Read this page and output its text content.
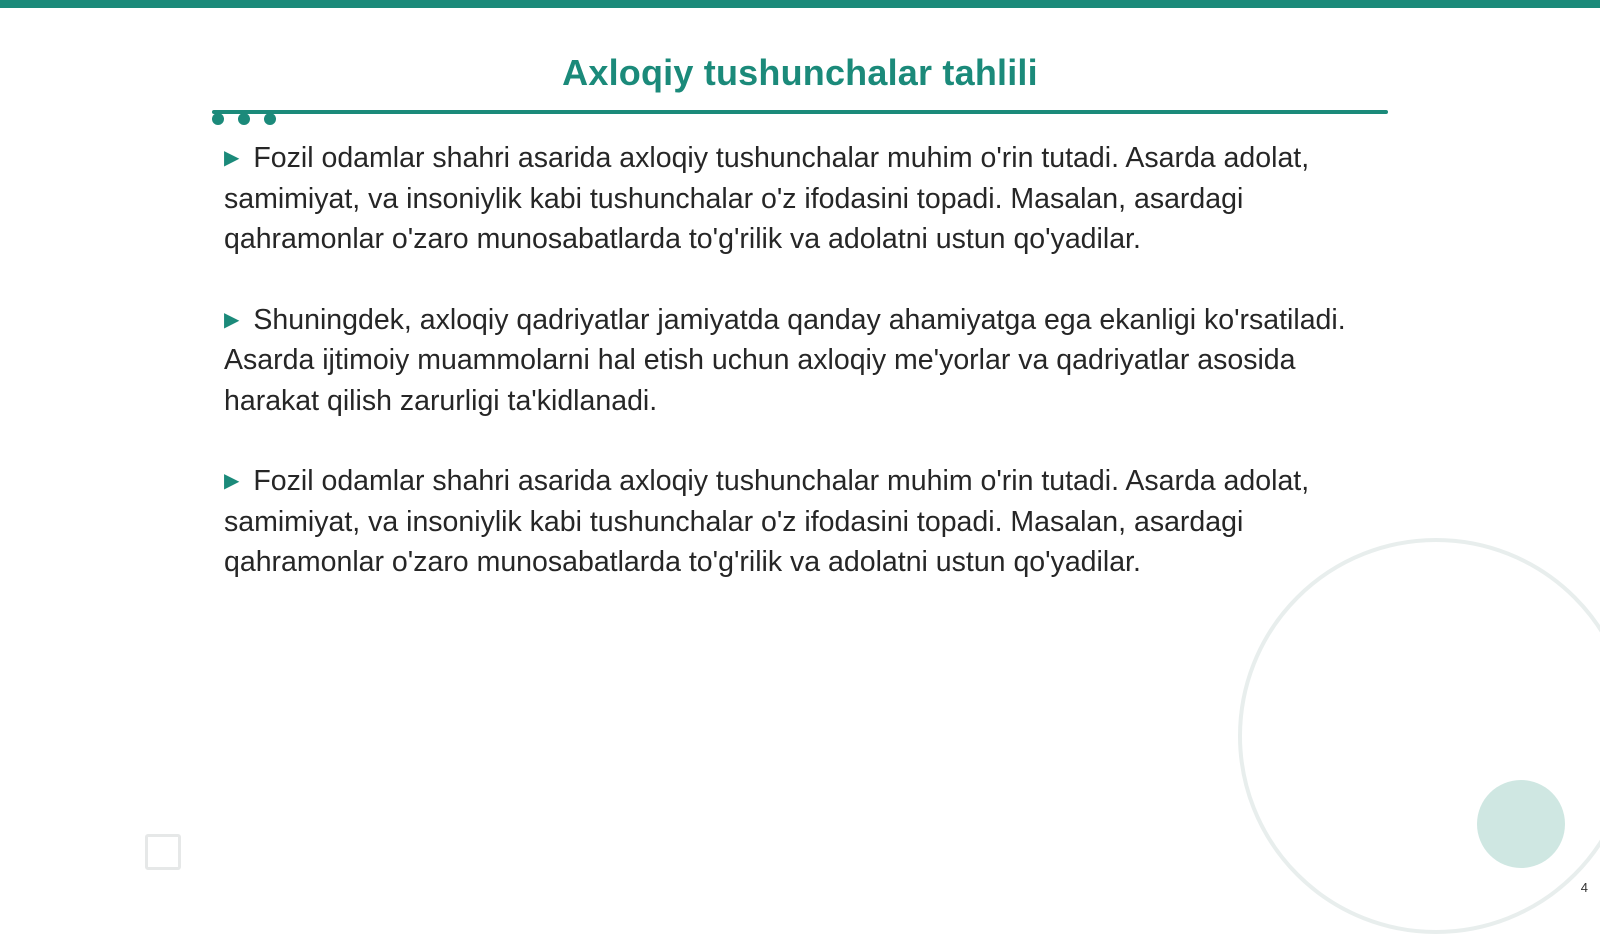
Axloqiy tushunchalar tahlili

▶ Fozil odamlar shahri asarida axloqiy tushunchalar muhim o'rin tutadi. Asarda adolat, samimiyat, va insoniylik kabi tushunchalar o'z ifodasini topadi. Masalan, asardagi qahramonlar o'zaro munosabatlarda to'g'rilik va adolatni ustun qo'yadilar.

▶ Shuningdek, axloqiy qadriyatlar jamiyatda qanday ahamiyatga ega ekanligi ko'rsatiladi. Asarda ijtimoiy muammolarni hal etish uchun axloqiy me'yorlar va qadriyatlar asosida harakat qilish zarurligi ta'kidlanadi.

▶ Fozil odamlar shahri asarida axloqiy tushunchalar muhim o'rin tutadi. Asarda adolat, samimiyat, va insoniylik kabi tushunchalar o'z ifodasini topadi. Masalan, asardagi qahramonlar o'zaro munosabatlarda to'g'rilik va adolatni ustun qo'yadilar.

4
